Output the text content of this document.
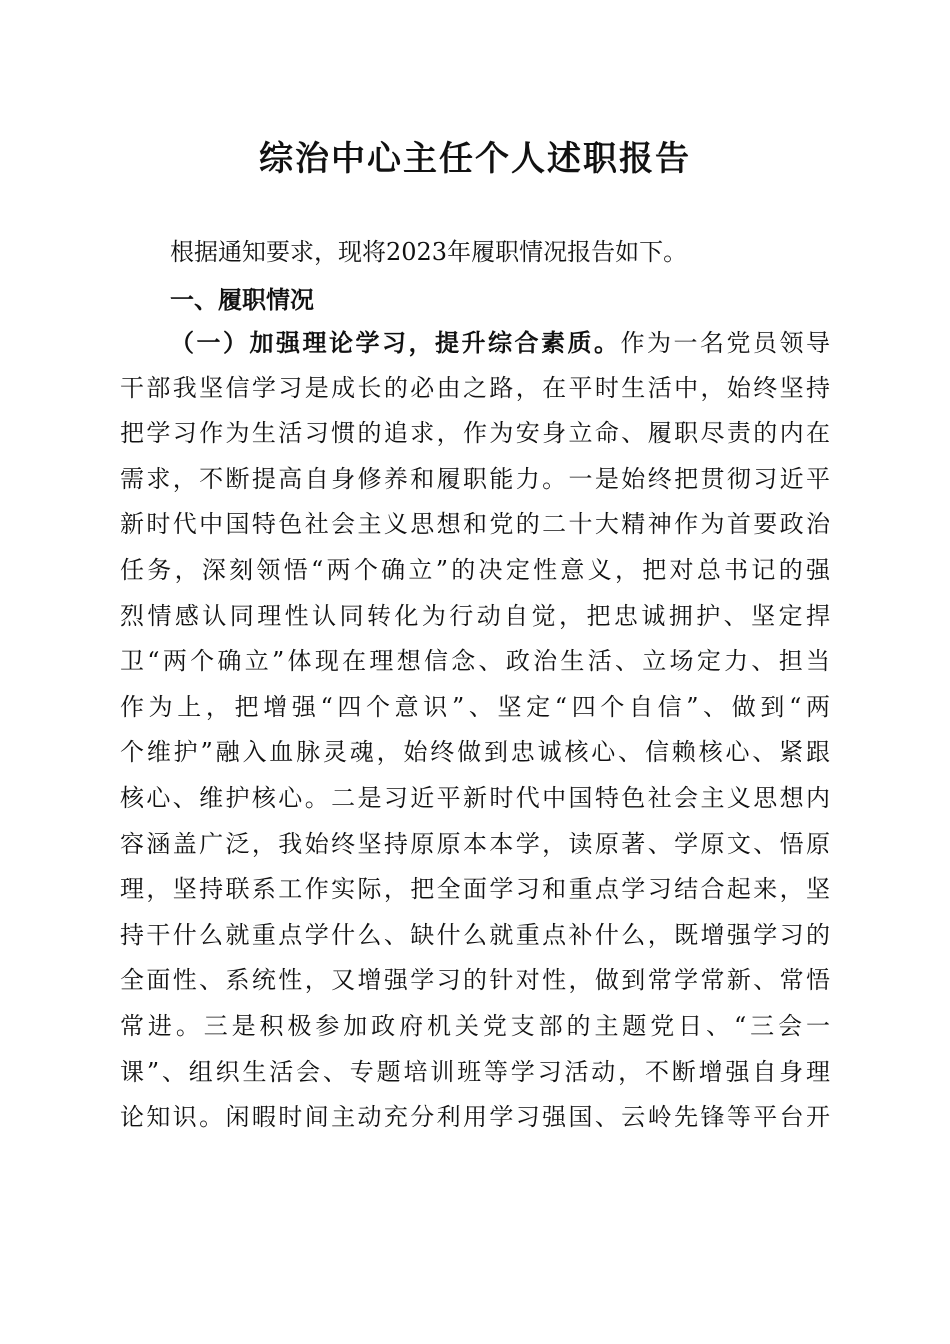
综治中心主任个人述职报告
根据通知要求，现将2023年履职情况报告如下。
一、履职情况
（一）加强理论学习，提升综合素质。作为一名党员领导
干部我坚信学习是成长的必由之路，在平时生活中，始终坚持
把学习作为生活习惯的追求，作为安身立命、履职尽责的内在
需求，不断提高自身修养和履职能力。一是始终把贯彻习近平
新时代中国特色社会主义思想和党的二十大精神作为首要政治
任务，深刻领悟“两个确立”的决定性意义，把对总书记的强
烈情感认同理性认同转化为行动自觉，把忠诚拥护、坚定捍
卫“两个确立”体现在理想信念、政治生活、立场定力、担当
作为上，把增强“四个意识”、坚定“四个自信”、做到“两
个维护”融入血脉灵魂，始终做到忠诚核心、信赖核心、紧跟
核心、维护核心。二是习近平新时代中国特色社会主义思想内
容涵盖广泛，我始终坚持原原本本学，读原著、学原文、悟原
理，坚持联系工作实际，把全面学习和重点学习结合起来，坚
持干什么就重点学什么、缺什么就重点补什么，既增强学习的
全面性、系统性，又增强学习的针对性，做到常学常新、常悟
常进。三是积极参加政府机关党支部的主题党日、“三会一
课”、组织生活会、专题培训班等学习活动，不断增强自身理
论知识。闲暇时间主动充分利用学习强国、云岭先锋等平台开
